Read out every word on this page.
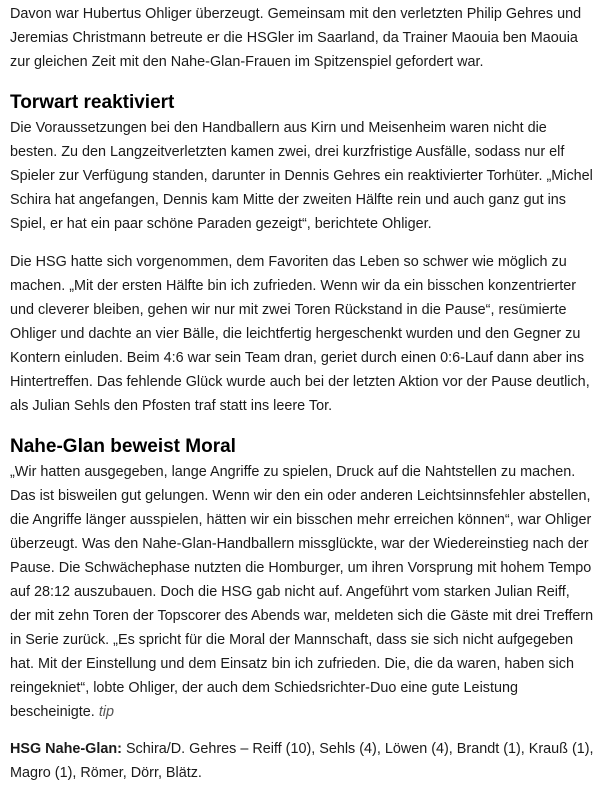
Davon war Hubertus Ohliger überzeugt. Gemeinsam mit den verletzten Philip Gehres und Jeremias Christmann betreute er die HSGler im Saarland, da Trainer Maouia ben Maouia zur gleichen Zeit mit den Nahe-Glan-Frauen im Spitzenspiel gefordert war.

Torwart reaktiviert

Die Voraussetzungen bei den Handballern aus Kirn und Meisenheim waren nicht die besten. Zu den Langzeitverletzten kamen zwei, drei kurzfristige Ausfälle, sodass nur elf Spieler zur Verfügung standen, darunter in Dennis Gehres ein reaktivierter Torhüter. „Michel Schira hat angefangen, Dennis kam Mitte der zweiten Hälfte rein und auch ganz gut ins Spiel, er hat ein paar schöne Paraden gezeigt“, berichtete Ohliger.

Die HSG hatte sich vorgenommen, dem Favoriten das Leben so schwer wie möglich zu machen. „Mit der ersten Hälfte bin ich zufrieden. Wenn wir da ein bisschen konzentrierter und cleverer bleiben, gehen wir nur mit zwei Toren Rückstand in die Pause“, resümierte Ohliger und dachte an vier Bälle, die leichtfertig hergeschenkt wurden und den Gegner zu Kontern einluden. Beim 4:6 war sein Team dran, geriet durch einen 0:6-Lauf dann aber ins Hintertreffen. Das fehlende Glück wurde auch bei der letzten Aktion vor der Pause deutlich, als Julian Sehls den Pfosten traf statt ins leere Tor.

Nahe-Glan beweist Moral

„Wir hatten ausgegeben, lange Angriffe zu spielen, Druck auf die Nahtstellen zu machen. Das ist bisweilen gut gelungen. Wenn wir den ein oder anderen Leichtsinnsfehler abstellen, die Angriffe länger ausspielen, hätten wir ein bisschen mehr erreichen können“, war Ohliger überzeugt. Was den Nahe-Glan-Handballern missglückte, war der Wiedereinstieg nach der Pause. Die Schwächephase nutzten die Homburger, um ihren Vorsprung mit hohem Tempo auf 28:12 auszubauen. Doch die HSG gab nicht auf. Angeführt vom starken Julian Reiff, der mit zehn Toren der Topscorer des Abends war, meldeten sich die Gäste mit drei Treffern in Serie zurück. „Es spricht für die Moral der Mannschaft, dass sie sich nicht aufgegeben hat. Mit der Einstellung und dem Einsatz bin ich zufrieden. Die, die da waren, haben sich reingekniet“, lobte Ohliger, der auch dem Schiedsrichter-Duo eine gute Leistung bescheinigte. tip

HSG Nahe-Glan: Schira/D. Gehres – Reiff (10), Sehls (4), Löwen (4), Brandt (1), Krauß (1), Magro (1), Römer, Dörr, Blätz.
